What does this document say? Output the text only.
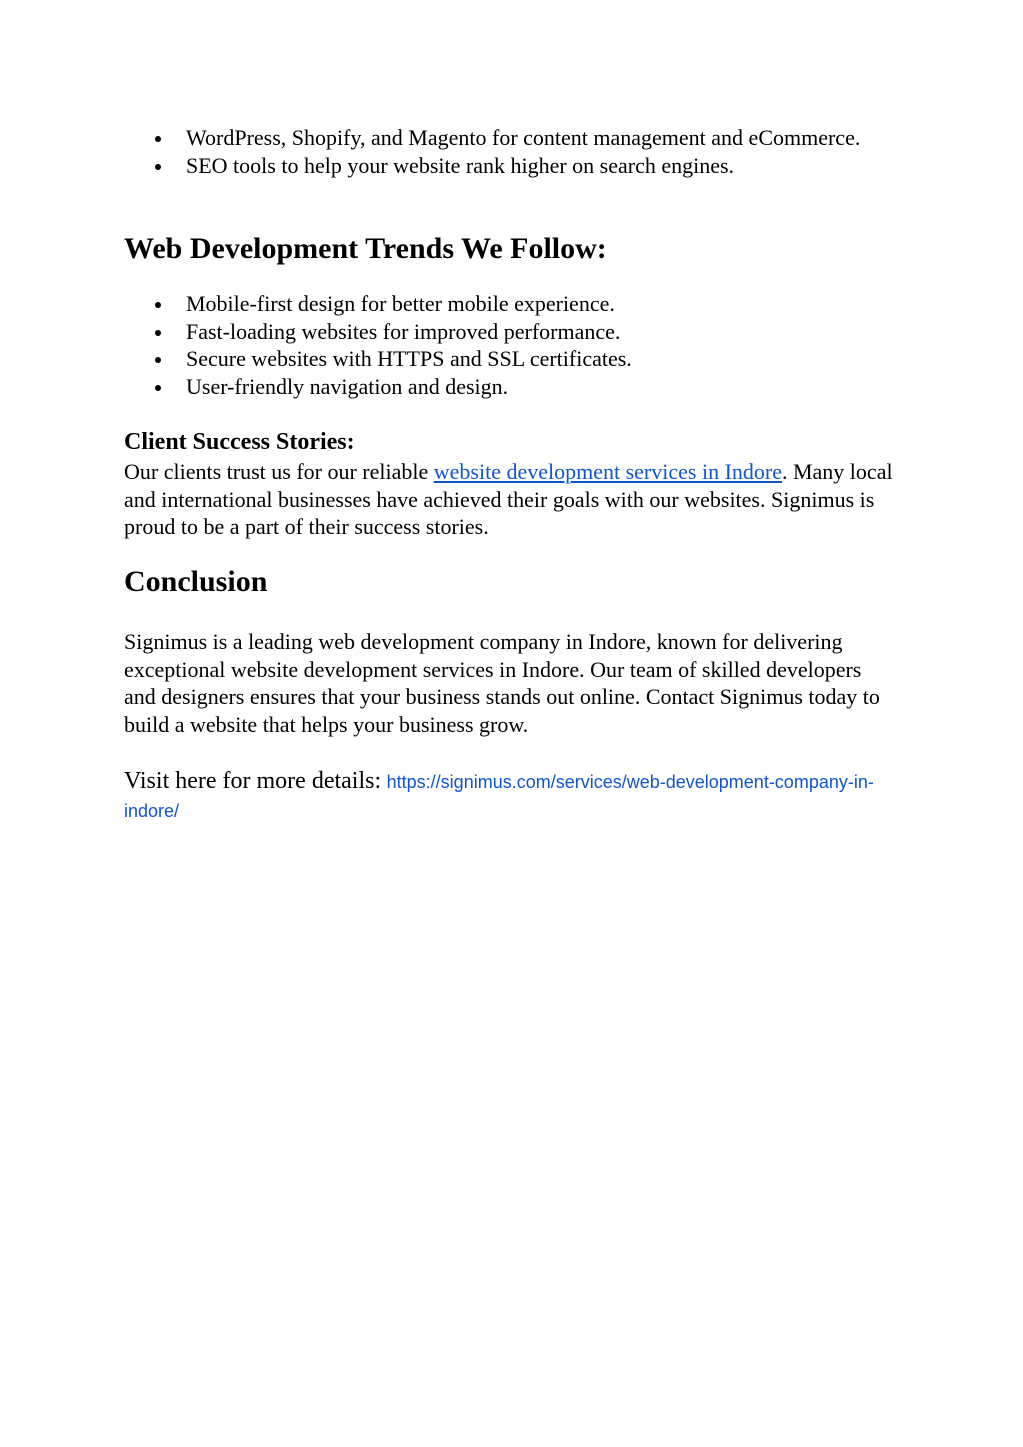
WordPress, Shopify, and Magento for content management and eCommerce.
SEO tools to help your website rank higher on search engines.
Web Development Trends We Follow:
Mobile-first design for better mobile experience.
Fast-loading websites for improved performance.
Secure websites with HTTPS and SSL certificates.
User-friendly navigation and design.
Client Success Stories:

Our clients trust us for our reliable website development services in Indore. Many local and international businesses have achieved their goals with our websites. Signimus is proud to be a part of their success stories.

Conclusion

Signimus is a leading web development company in Indore, known for delivering exceptional website development services in Indore. Our team of skilled developers and designers ensures that your business stands out online. Contact Signimus today to build a website that helps your business grow.

Visit here for more details: https://signimus.com/services/web-development-company-in-indore/
